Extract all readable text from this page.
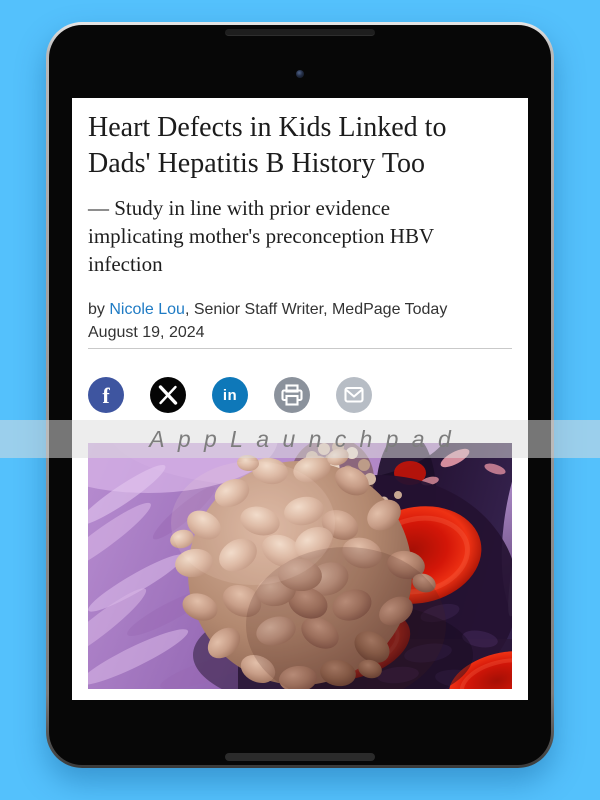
Heart Defects in Kids Linked to
Dads' Hepatitis B History Too
— Study in line with prior evidence
implicating mother's preconception HBV
infection
by Nicole Lou, Senior Staff Writer, MedPage Today
August 19, 2024
f	in
AppLaunchpad
